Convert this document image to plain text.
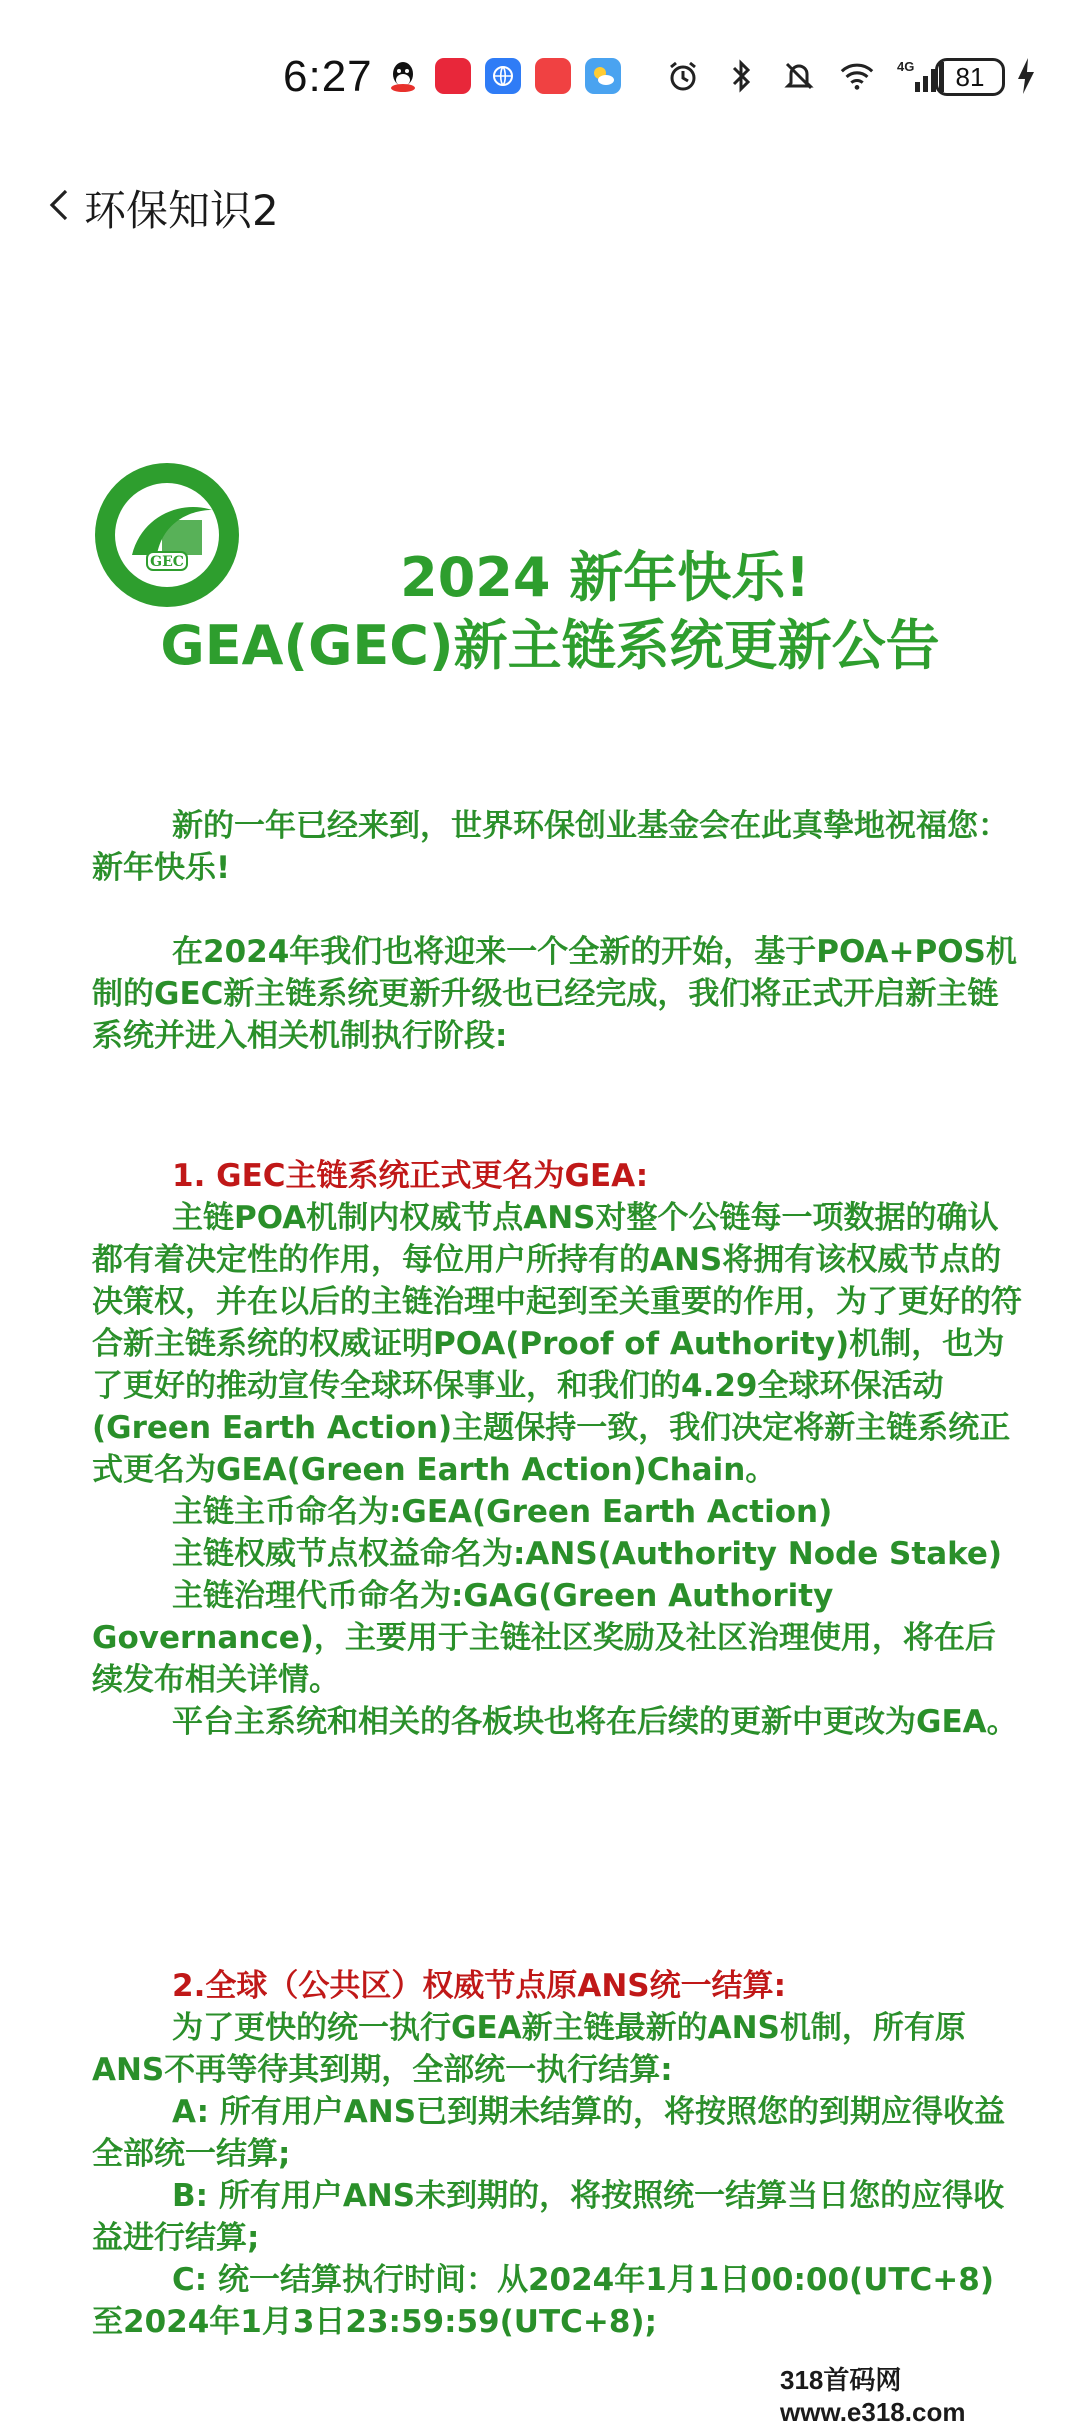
6:27	4G	81
环保知识2
GEC	2024 新年快乐!
GEA(GEC)新主链系统更新公告

新的一年已经来到，世界环保创业基金会在此真挚地祝福您：新年快乐!

在2024年我们也将迎来一个全新的开始，基于POA+POS机制的GEC新主链系统更新升级也已经完成，我们将正式开启新主链系统并进入相关机制执行阶段:

1. GEC主链系统正式更名为GEA:

主链POA机制内权威节点ANS对整个公链每一项数据的确认都有着决定性的作用，每位用户所持有的ANS将拥有该权威节点的决策权，并在以后的主链治理中起到至关重要的作用，为了更好的符合新主链系统的权威证明POA(Proof of Authority)机制，也为了更好的推动宣传全球环保事业，和我们的4.29全球环保活动(Green Earth Action)主题保持一致，我们决定将新主链系统正式更名为GEA(Green Earth Action)Chain。

主链主币命名为:GEA(Green Earth Action)

主链权威节点权益命名为:ANS(Authority Node Stake)

主链治理代币命名为:GAG(Green Authority Governance)，主要用于主链社区奖励及社区治理使用，将在后续发布相关详情。

平台主系统和相关的各板块也将在后续的更新中更改为GEA。

2.全球（公共区）权威节点原ANS统一结算:

为了更快的统一执行GEA新主链最新的ANS机制，所有原ANS不再等待其到期，全部统一执行结算:

A: 所有用户ANS已到期未结算的，将按照您的到期应得收益全部统一结算;

B: 所有用户ANS未到期的，将按照统一结算当日您的应得收益进行结算;

C: 统一结算执行时间：从2024年1月1日00:00(UTC+8)至2024年1月3日23:59:59(UTC+8);

318首码网 www.e318.com
